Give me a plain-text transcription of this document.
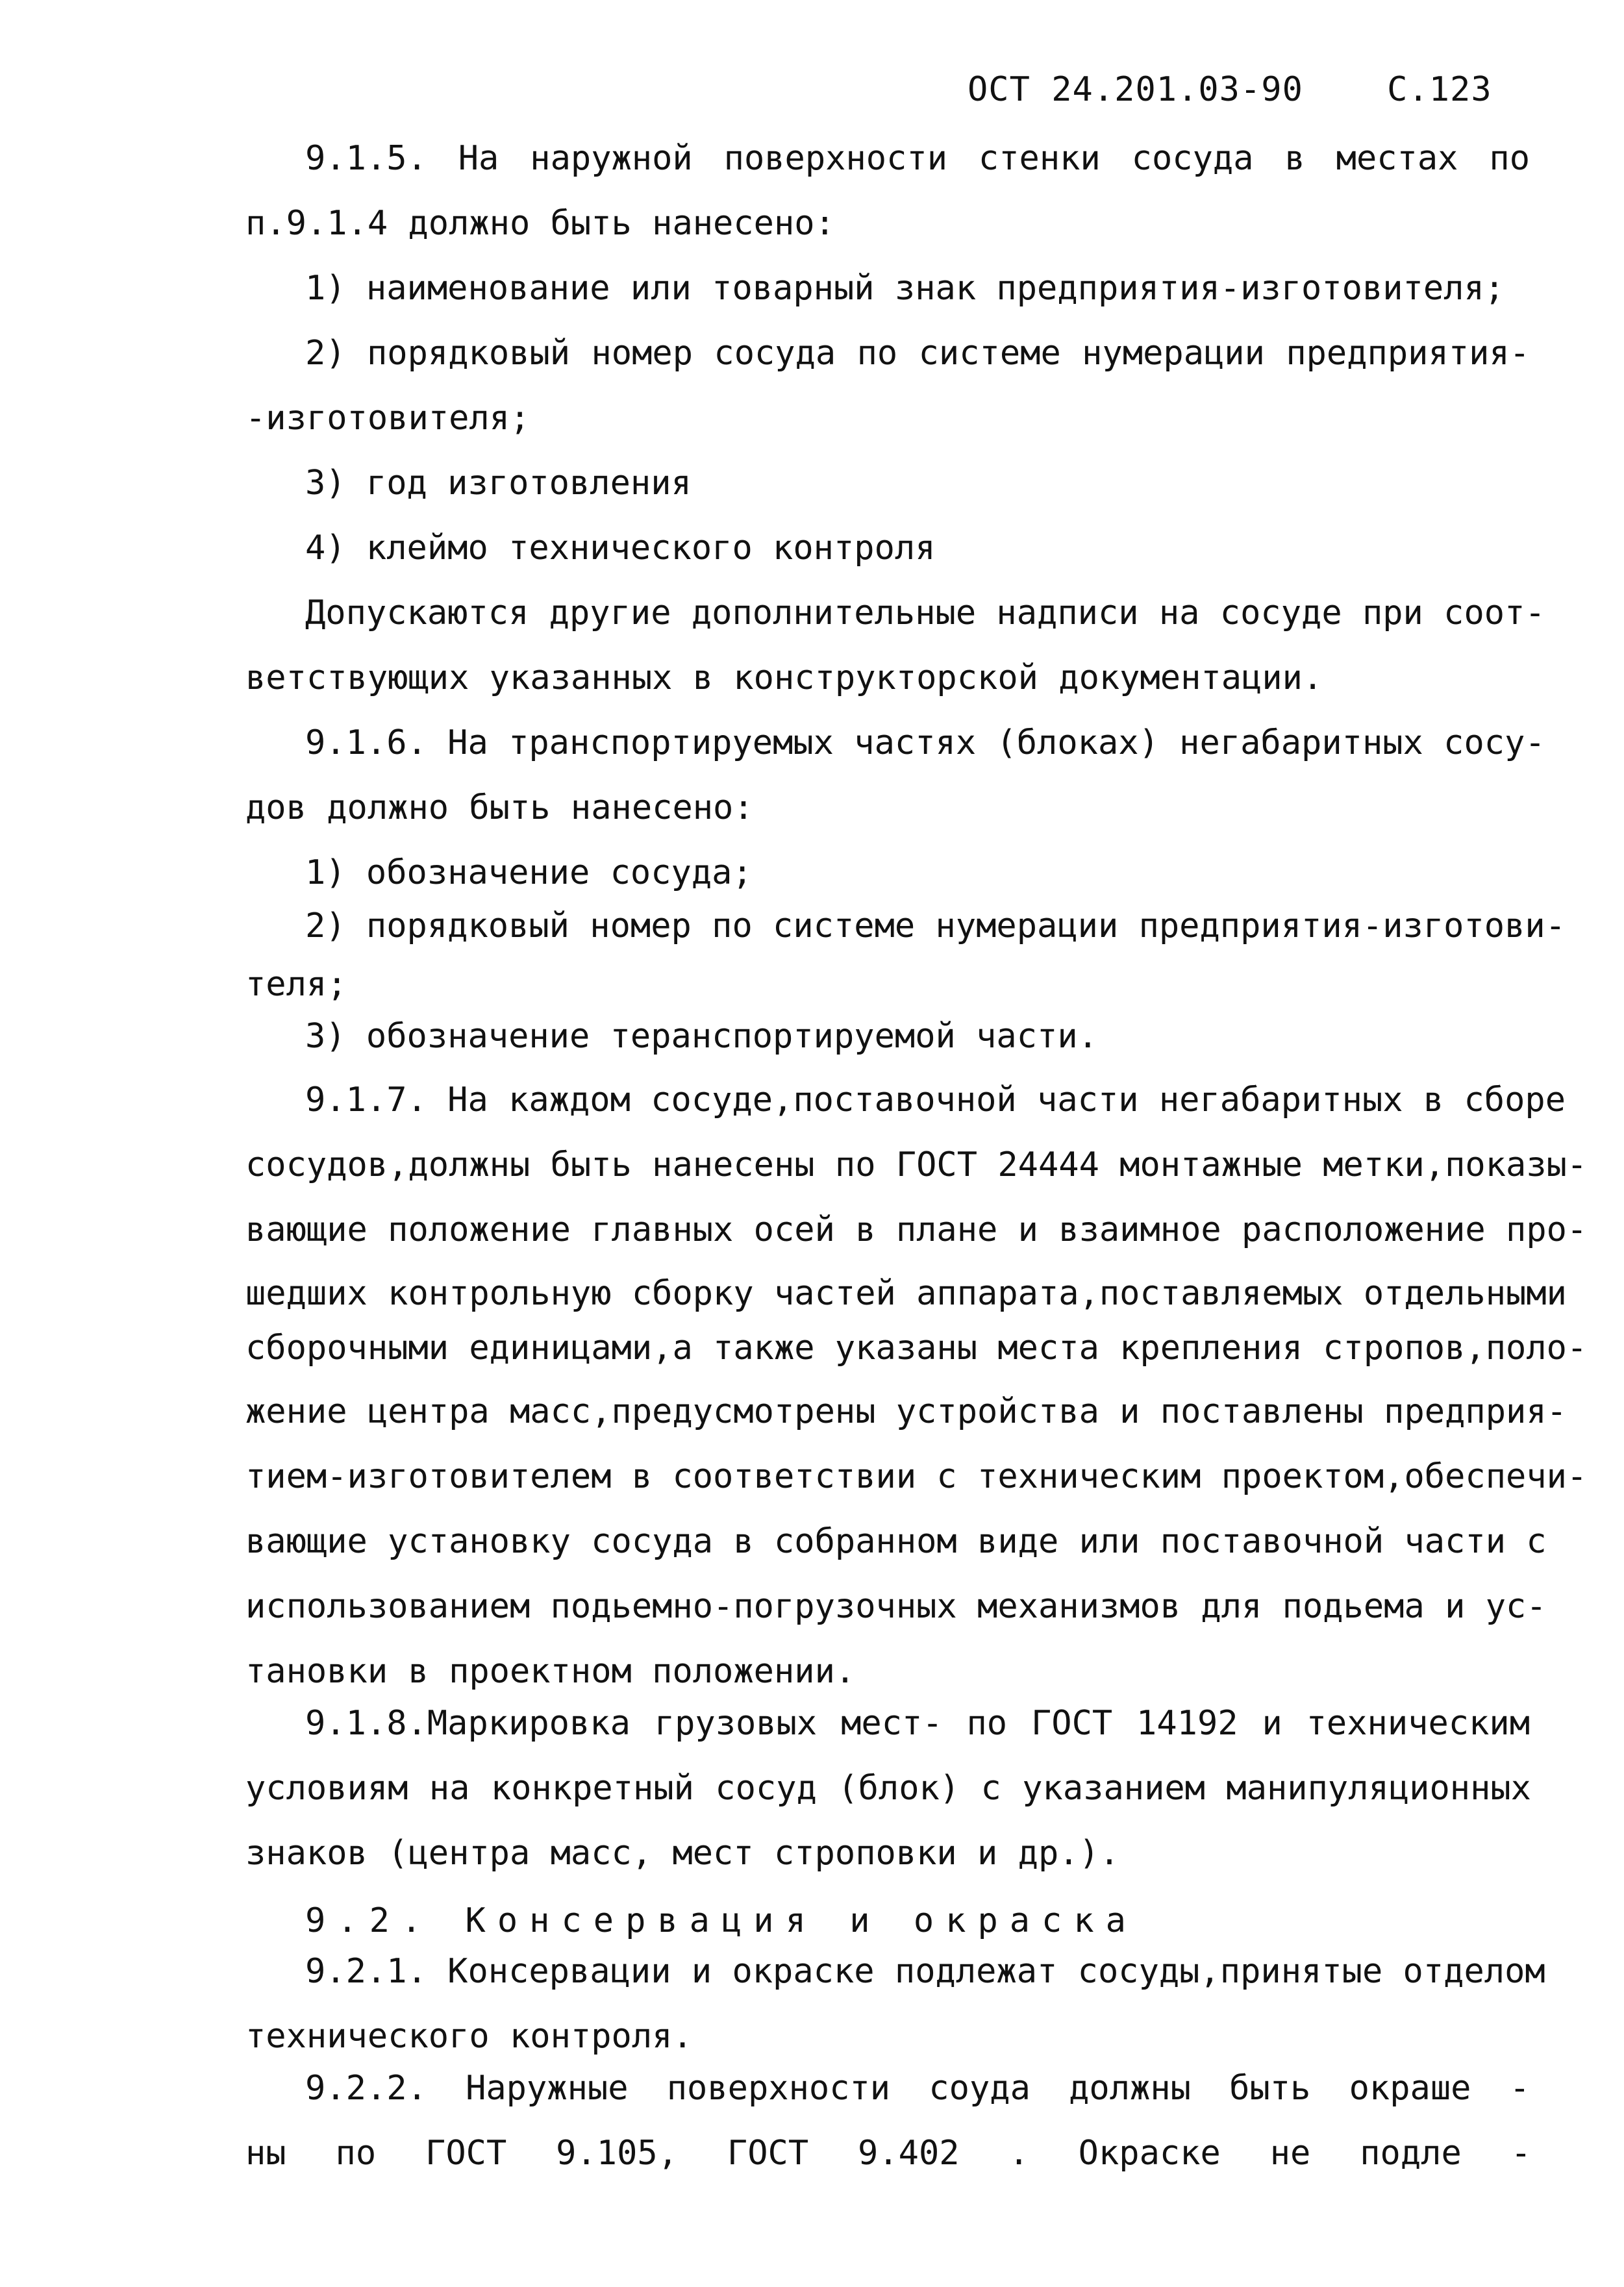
ОСТ 24.201.03-90 С.123
9.1.5. На наружной поверхности стенки сосуда в местах по
п.9.1.4 должно быть нанесено:
1) наименование или товарный знак предприятия-изготовителя;
2) порядковый номер сосуда по системе нумерации предприятия-
-изготовителя;
3) год изготовления
4) клеймо технического контроля
Допускаются другие дополнительные надписи на сосуде при соот-
ветствующих указанных в конструкторской документации.
9.1.6. На транспортируемых частях (блоках) негабаритных сосу-
дов должно быть нанесено:
1) обозначение сосуда;
2) порядковый номер по системе нумерации предприятия-изготови-
теля;
3) обозначение теранспортируемой части.
9.1.7. На каждом сосуде,поставочной части негабаритных в сборе
сосудов,должны быть нанесены по ГОСТ 24444 монтажные метки,показы-
вающие положение главных осей в плане и взаимное расположение про-
шедших контрольную сборку частей аппарата,поставляемых отдельными
сборочными единицами,а также указаны места крепления стропов,поло-
жение центра масс,предусмотрены устройства и поставлены предприя-
тием-изготовителем в соответствии с техническим проектом,обеспечи-
вающие установку сосуда в собранном виде или поставочной части с
использованием подьемно-погрузочных механизмов для подьема и ус-
тановки в проектном положении.
9.1.8.Маркировка грузовых мест- по ГОСТ 14192 и техническим
условиям на конкретный сосуд (блок) с указанием манипуляционных
знаков (центра масс, мест строповки и др.).
9.2. Консервация и окраска
9.2.1. Консервации и окраске подлежат сосуды,принятые отделом
технического контроля.
9.2.2. Наружные поверхности соуда должны быть окраше -
ны по ГОСТ 9.105, ГОСТ 9.402 . Окраске не подле -
